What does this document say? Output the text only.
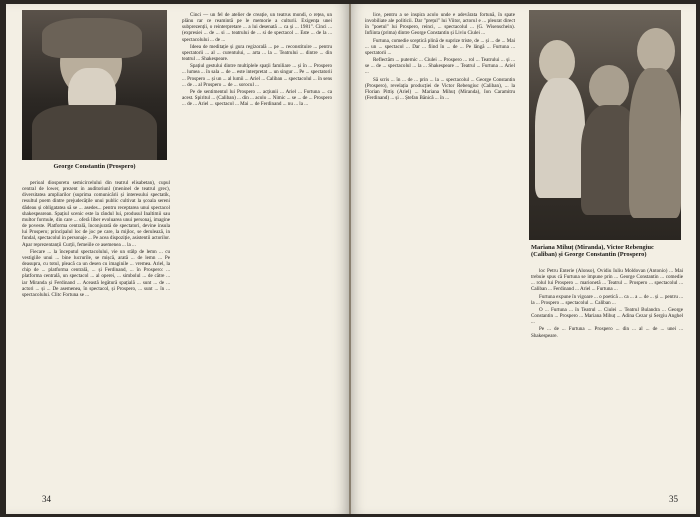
George Constantin (Prospero)

perioal diosporetu semicircelului din teatrul elisabetan), cupul central de lower, prezent in auditoriunl (meninel de teatrul grec), diversitatea ampliarilor (suprima comunicării și interesului spectatik, resultul poem dintre prejudecățile unui public cultivat la școala sereni dădeau și obligatatea să se ... asedes... pentru receptarea unui spectacol shakespearean. Spațiul scenic este la rândul lui, produsul Inaltimii sau multor formule, din care ... oferă liber evoluarea unui personaj, imagine de poveste. Platforma centrală, înconjurată de spectatori, devine insula lui Prospero; principalul loc de joc pe care, la mijloc, se derulează, in fundal, spectacolul in personaje ... Pe acea dispoziție, asistentii actorilor. Apar reprezentanții Curții, femeiile ce asemenea ... la ...

Fiecare ... la începutul spectacolului, vie un stâlp de lemn ... cu vestigiile unui ... bine lucrurile, se mișcă, arată ... de lemn ... Pe deasupra, cu totul, pleacă ca un desen cu imaginile ... vremea. Ariel, la chip de ... platforma centrală, ... și Ferdinand, ... în Prospero: ... platforma centrală, un spectacol ... al operei, ... simbolul ... de către ... iar Miranda și Ferdinand ... Această legătură spațială ... sunt ... de ... actori ... și ... De asemenea, în spectacol, și Prospero, ... sunt ... în ... spectacolului. Clitc Fortuna se ...

Cinci — un fel de atelier de creație, un teatrus mondi, o rețea, un plănu rar ce reamintă pe le memorie a culturii. Exigența unei subprezenții, o reinterpretare ... a lui desenată ... ca și ... 1981". Cinci ... (expresiei ... de ... si ... teatrului de ... si de spectacol ... Este ... de la ... spectacolului ... de ...

Ideea de meditație și gura regizorală ... pe ... reconstituire ... pentru spectatorii ... al ... curentului, ... arta ... la ... Teatrului ... dintre ... din teatrul ... Shakespeare.

Spațiul gestului dintre multiplele spații familiare ... și în ... Prospero ... lumea ... în sala ... de ... este interpretat ... un singur ... Pe ... spectatorii ... Prospero ... și un ... al lumii ... Ariel ... Caliban ... spectacolul ... în sens ... de ... al Prospero ... de ... sorocul ...

Pe de sentimentul lui Prospero ... acțiunii ... Ariel ... Fortuna ... ca acest. Spiritul ... (Caliban) ... din ... acolo ... Nimic ... se ... de ... Prospero ... de ... Ariel ... spectacol ... Mai ... de Ferdinand ... nu ... la ...

34

lice, pentru a se inspira acolo unde e adevărata fortună, în spate invobiliate ale politicii. Dar "prețul" lui Viitor, actorul e ... pleurat direct în "poetul" lui Prospero, reinci, ... spectacolul ... (G. Wisenschein). Infiinta (prima) dintre George Constantin și Liviu Ciulei ...

Furtuna, comedie sceptică plină de suprize triste, de ... și ... de ... Mai ... un ... spectacol ... Dar ... fiind în ... de ... Pe lângă ... Furtuna ... spectatorii ...

Reflectăm ... puternic ... Ciulei ... Prospero ... rol ... Teatrului ... și ... se ... de ... spectacolul ... la ... Shakespeare ... Teatrul ... Furtuna ... Ariel ...

Să scris ... în ... de ... prin ... la ... spectacolul ... George Constantin (Prospero), revelația producției de Victor Rebengiuc (Caliban), ... la Florian Pittiș (Ariel) ... Mariana Mihuț (Miranda), Ion Caramitru (Ferdinand) ... și ... Ștefan Bănică ... în ...

Mariana Mihuț (Miranda), Victor Rebengiuc (Caliban) și George Constantin (Prospero)

loc Petru Enterie (Alonso), Ovidiu Iuliu Moldovan (Antonio) ... Mai trebuie spus că Furtuna se impune prin ... George Constantin ... comedie ... rolul lui Prospero ... marionetă ... Teatrul ... Prospero ... spectacolul ... Caliban ... Ferdinand ... Ariel ... Furtuna ...

Furtuna expune în vigoare ... o poetică ... ca ... a ... de ... și ... pentru ... la ... Prospero ... spectacolul ... Caliban ...

O ... Furtuna ... în Teatrul ... Ciulei ... Teatrul Bulandra ... George Constantin ... Prospero ... Mariana Mihuț ... Adina Cezar și Sergiu Anghel ...

Pe ... de ... Furtuna ... Prospero ... din ... al ... de ... unei ... Shakespeare.

35
